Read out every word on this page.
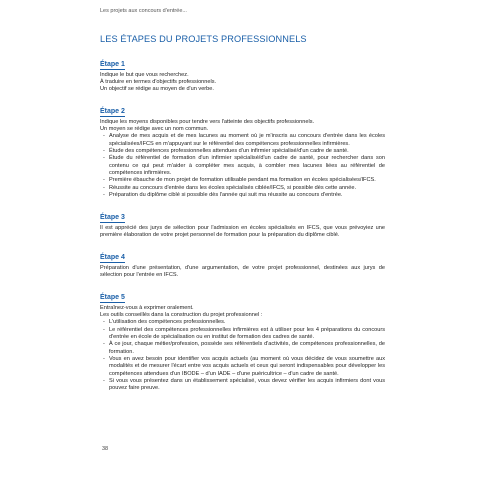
Les projets aux concours d'entrée...
LES ÉTAPES DU PROJETS PROFESSIONNELS
Étape 1

Indique le but que vous recherchez.

À traduire en termes d'objectifs professionnels.

Un objectif se rédige au moyen de d'un verbe.

Étape 2

Indique les moyens disponibles pour tendre vers l'atteinte des objectifs professionnels.

Un moyen se rédige avec un nom commun.

- Analyse de mes acquis et de mes lacunes au moment où je m'inscris au concours d'entrée dans les écoles spécialisées/IFCS en m'appuyant sur le référentiel des compétences professionnelles infirmières.
- Étude des compétences professionnelles attendues d'un infirmier spécialisé/d'un cadre de santé.
- Étude du référentiel de formation d'un infirmier spécialisé/d'un cadre de santé, pour rechercher dans son contenu ce qui peut m'aider à compléter mes acquis, à combler mes lacunes liées au référentiel de compétences infirmières.
- Première ébauche de mon projet de formation utilisable pendant ma formation en écoles spécialisées/IFCS.
- Réussite au concours d'entrée dans les écoles spécialisés ciblée/IFCS, si possible dès cette année.
- Préparation du diplôme ciblé si possible dès l'année qui suit ma réussite au concours d'entrée.
Étape 3

Il est apprécié des jurys de sélection pour l'admission en écoles spécialisés en IFCS, que vous prévoyiez une première élaboration de votre projet personnel de formation pour la préparation du diplôme ciblé.

Étape 4

Préparation d'une présentation, d'une argumentation, de votre projet professionnel, destinées aux jurys de sélection pour l'entrée en IFCS.

Étape 5

Entraînez-vous à exprimer oralement.

Les outils conseillés dans la construction du projet professionnel :

- L'utilisation des compétences professionnelles.
- Le référentiel des compétences professionnelles infirmières est à utiliser pour les 4 préparations du concours d'entrée en école de spécialisation ou en institut de formation des cadres de santé.
- À ce jour, chaque métier/profession, possède ses référentiels d'activités, de compétences professionnelles, de formation.
- Vous en avez besoin pour identifier vos acquis actuels (au moment où vous décidez de vous soumettre aux modalités et de mesurer l'écart entre vos acquis actuels et ceux qui seront indispensables pour développer les compétences attendues d'un IBODE – d'un IADE – d'une puéricultrice – d'un cadre de santé.
- Si vous vous présentez dans un établissement spécialisé, vous devez vérifier les acquis infirmiers dont vous pouvez faire preuve.
38
